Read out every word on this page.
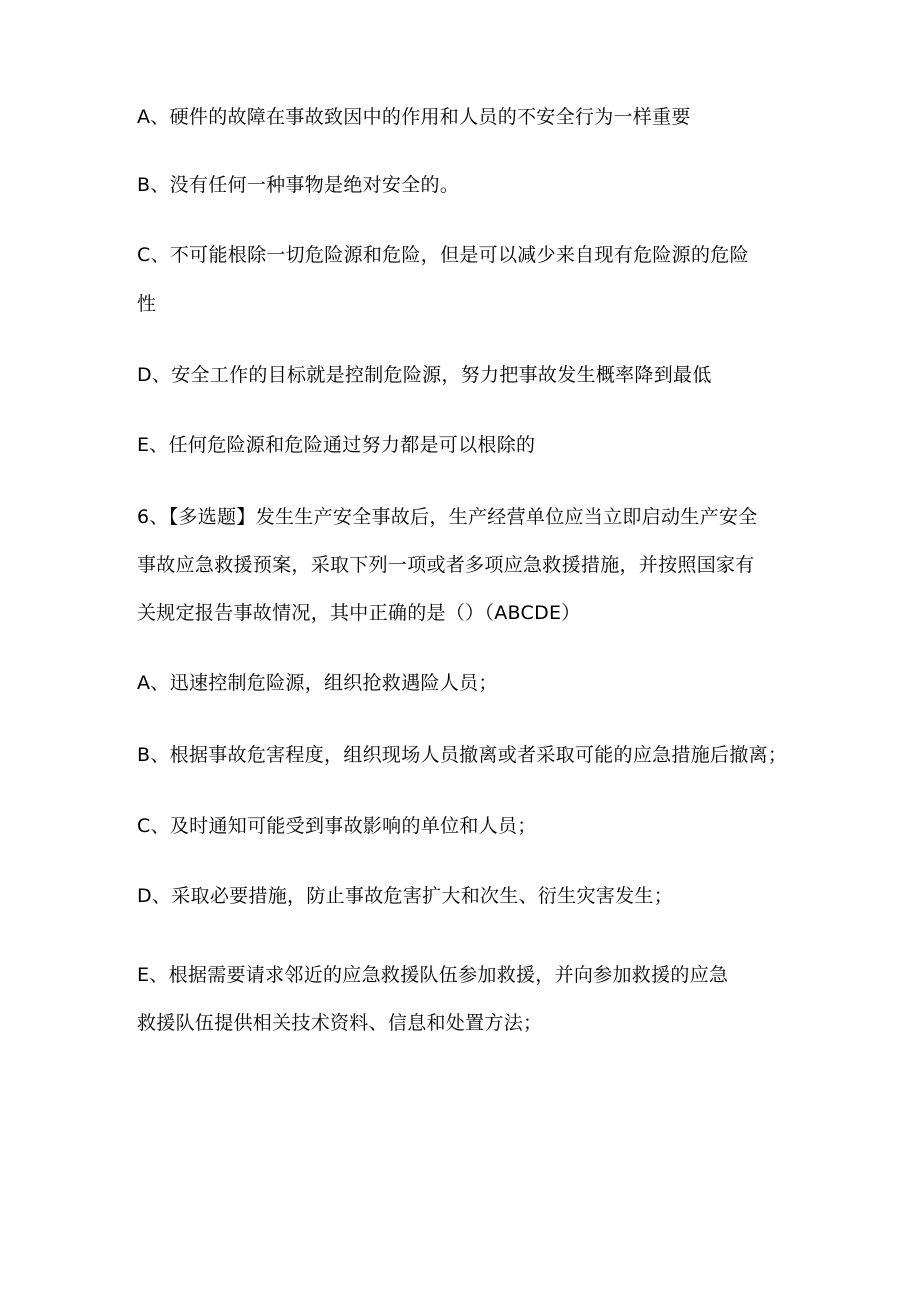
A、硬件的故障在事故致因中的作用和人员的不安全行为一样重要
B、没有任何一种事物是绝对安全的。
C、不可能根除一切危险源和危险，但是可以减少来自现有危险源的危险
性
D、安全工作的目标就是控制危险源，努力把事故发生概率降到最低
E、任何危险源和危险通过努力都是可以根除的
6、【多选题】发生生产安全事故后，生产经营单位应当立即启动生产安全
事故应急救援预案，采取下列一项或者多项应急救援措施，并按照国家有
关规定报告事故情况，其中正确的是（）（ABCDE）
A、迅速控制危险源，组织抢救遇险人员；
B、根据事故危害程度，组织现场人员撤离或者采取可能的应急措施后撤离；
C、及时通知可能受到事故影响的单位和人员；
D、采取必要措施，防止事故危害扩大和次生、衍生灾害发生；
E、根据需要请求邻近的应急救援队伍参加救援，并向参加救援的应急
救援队伍提供相关技术资料、信息和处置方法；
